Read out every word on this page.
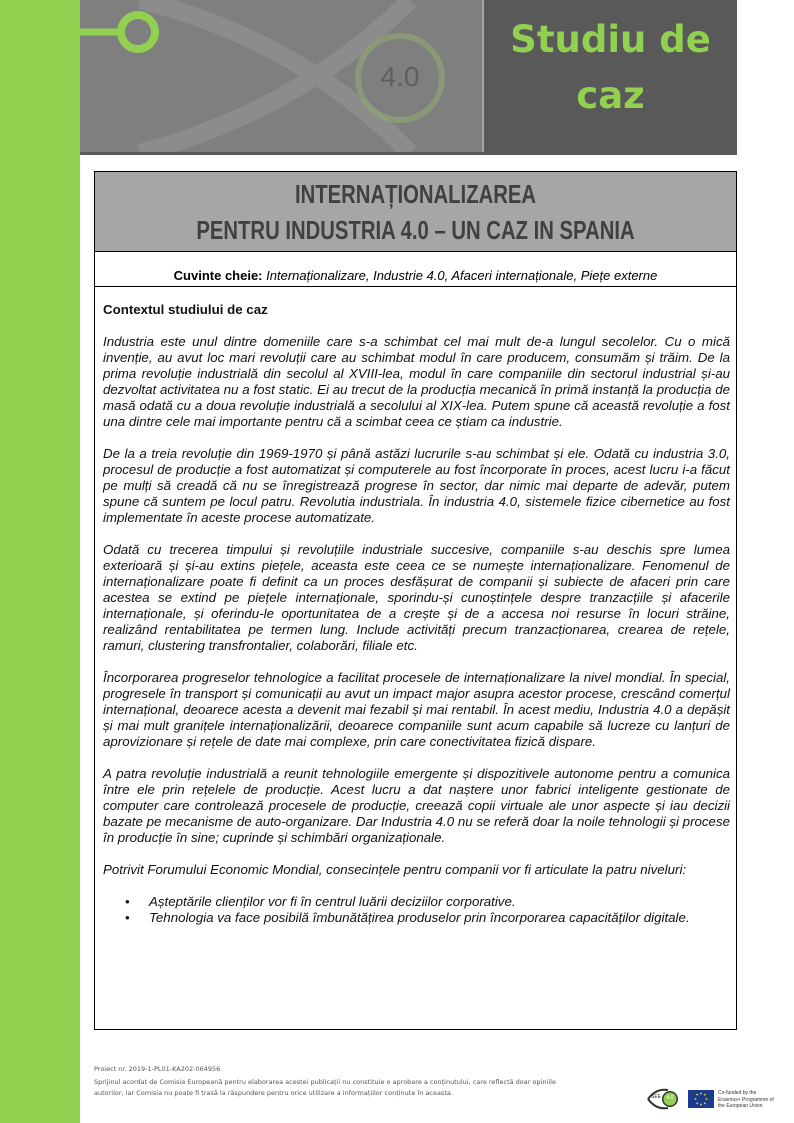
4.0
Studiu de
caz
INTERNAȚIONALIZAREA
PENTRU INDUSTRIA 4.0 – UN CAZ IN SPANIA
Cuvinte cheie: Internaționalizare, Industrie 4.0, Afaceri internaționale, Piețe externe

Contextul studiului de caz

Industria este unul dintre domeniile care s-a schimbat cel mai mult de-a lungul secolelor. Cu o mică invenție, au avut loc mari revoluții care au schimbat modul în care producem, consumăm și trăim. De la prima revoluție industrială din secolul al XVIII-lea, modul în care companiile din sectorul industrial și-au dezvoltat activitatea nu a fost static. Ei au trecut de la producția mecanică în primă instanță la producția de masă odată cu a doua revoluție industrială a secolului al XIX-lea. Putem spune că această revoluție a fost una dintre cele mai importante pentru că a scimbat ceea ce știam ca industrie.

De la a treia revoluție din 1969-1970 și până astăzi lucrurile s-au schimbat și ele. Odată cu industria 3.0, procesul de producție a fost automatizat și computerele au fost încorporate în proces, acest lucru i-a făcut pe mulți să creadă că nu se înregistrează progrese în sector, dar nimic mai departe de adevăr, putem spune că suntem pe locul patru. Revolutia industriala. În industria 4.0, sistemele fizice cibernetice au fost implementate în aceste procese automatizate.

Odată cu trecerea timpului și revoluțiile industriale succesive, companiile s-au deschis spre lumea exterioară și și-au extins piețele, aceasta este ceea ce se numește internaționalizare. Fenomenul de internaționalizare poate fi definit ca un proces desfășurat de companii și subiecte de afaceri prin care acestea se extind pe piețele internaționale, sporindu-și cunoștințele despre tranzacțiile și afacerile internaționale, și oferindu-le oportunitatea de a crește și de a accesa noi resurse în locuri străine, realizând rentabilitatea pe termen lung. Include activități precum tranzacționarea, crearea de rețele, ramuri, clustering transfrontalier, colaborări, filiale etc.

Încorporarea progreselor tehnologice a facilitat procesele de internaționalizare la nivel mondial. În special, progresele în transport și comunicații au avut un impact major asupra acestor procese, crescând comerțul internațional, deoarece acesta a devenit mai fezabil și mai rentabil. În acest mediu, Industria 4.0 a depășit și mai mult granițele internaționalizării, deoarece companiile sunt acum capabile să lucreze cu lanțuri de aprovizionare și rețele de date mai complexe, prin care conectivitatea fizică dispare.

A patra revoluție industrială a reunit tehnologiile emergente și dispozitivele autonome pentru a comunica între ele prin rețelele de producție. Acest lucru a dat naștere unor fabrici inteligente gestionate de computer care controlează procesele de producție, creează copii virtuale ale unor aspecte și iau decizii bazate pe mecanisme de auto-organizare. Dar Industria 4.0 nu se referă doar la noile tehnologii și procese în producție în sine; cuprinde și schimbări organizaționale.

Potrivit Forumului Economic Mondial, consecințele pentru companii vor fi articulate la patru niveluri:

• Așteptările clienților vor fi în centrul luării deciziilor corporative.
• Tehnologia va face posibilă îmbunătățirea produselor prin încorporarea capacităților digitale.
Proiect nr. 2019-1-PL01-KA202-064956
Sprijinul acordat de Comisia Europeană pentru elaborarea acestei publicații nu constituie o aprobare a conținutului, care reflectă doar opiniile autorilor, iar Comisia nu poate fi trasă la răspundere pentru orice utilizare a informațiilor conținute în aceasta.	SEE	4.0
Co-funded by the Erasmus+ Programme of the European Union
